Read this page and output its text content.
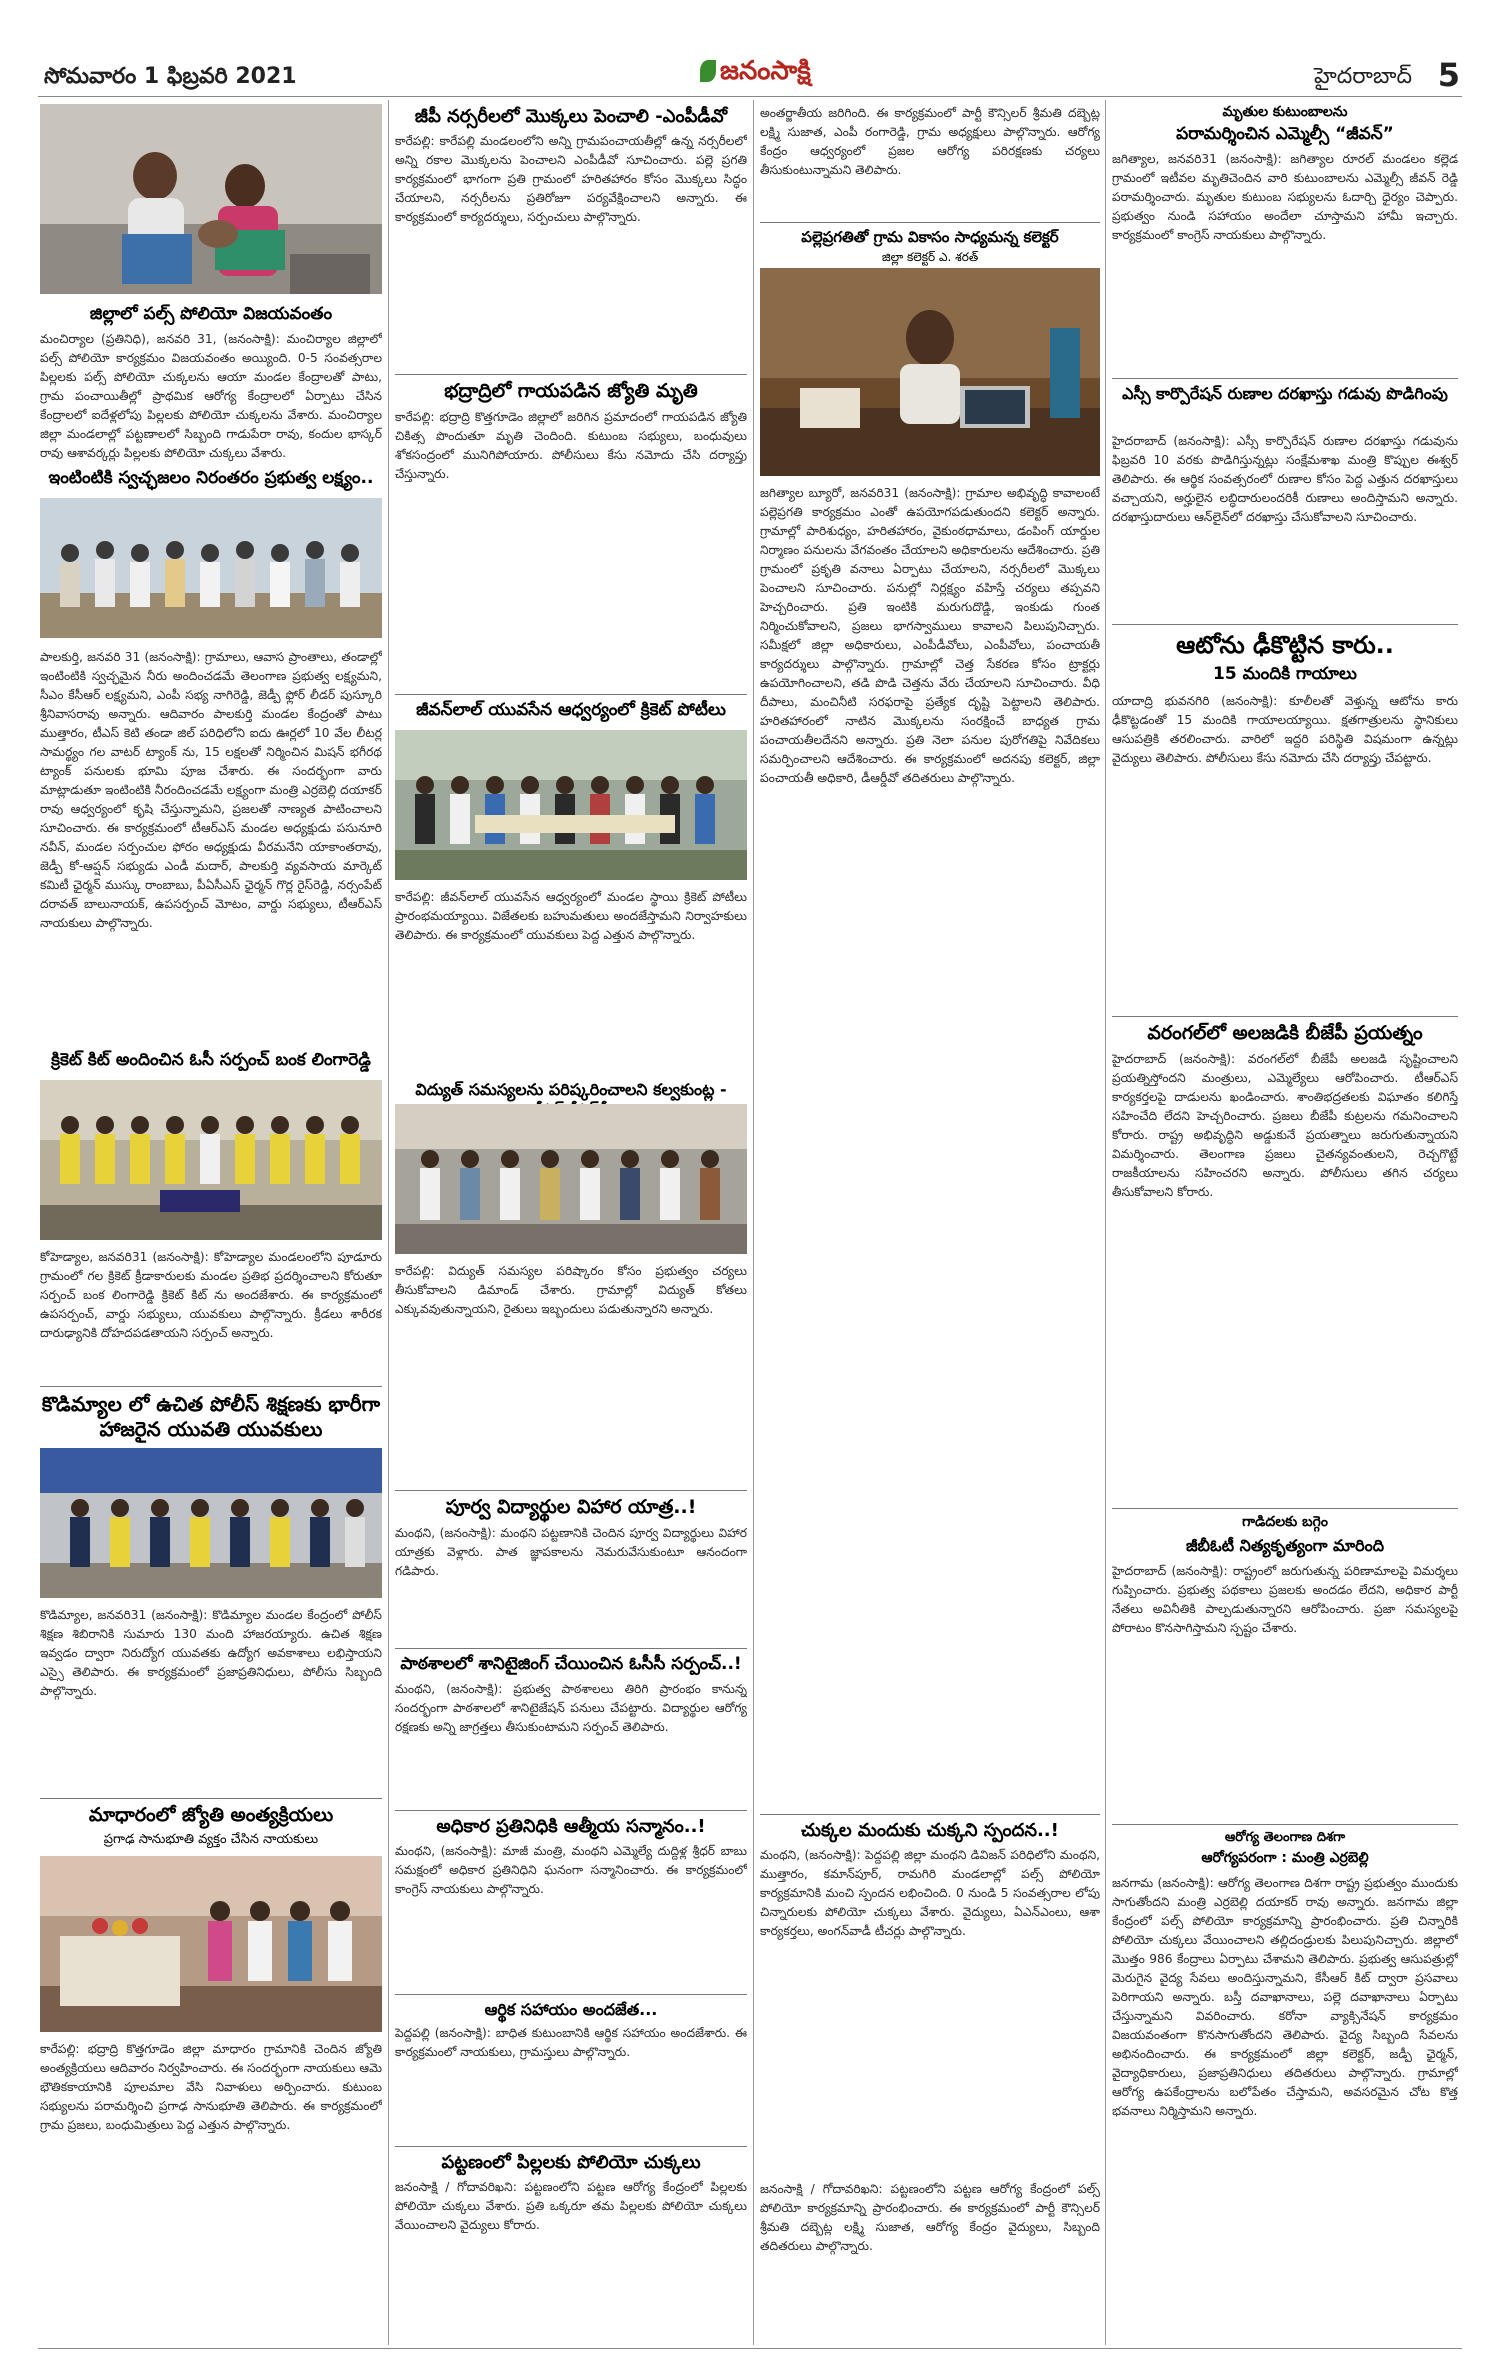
సోమవారం 1 ఫిబ్రవరి 2021	జనంసాక్షి	హైదరాబాద్ 5
జిల్లాలో పల్స్ పోలియో విజయవంతం
మంచిర్యాల (ప్రతినిధి), జనవరి 31, (జనంసాక్షి): మంచిర్యాల జిల్లాలో పల్స్ పోలియో కార్యక్రమం విజయవంతం అయ్యింది. 0-5 సంవత్సరాల పిల్లలకు పల్స్ పోలియో చుక్కలను ఆయా మండల కేంద్రాలతో పాటు, గ్రామ పంచాయితీల్లో ప్రాథమిక ఆరోగ్య కేంద్రాలలో ఏర్పాటు చేసిన కేంద్రాలలో ఐదేళ్లలోపు పిల్లలకు పోలియో చుక్కలను వేశారు. మంచిర్యాల జిల్లా మండలాల్లో పట్టణాలలో సిబ్బంది గాడుపేరా రావు, కందుల భాస్కర్ రావు ఆశావర్కర్లు పిల్లలకు పోలియో చుక్కలు వేశారు.
ఇంటింటికి స్వచ్ఛజలం నిరంతరం ప్రభుత్వ లక్ష్యం..
పాలకుర్తి, జనవరి 31 (జనంసాక్షి): గ్రామాలు, ఆవాస ప్రాంతాలు, తండాల్లో ఇంటింటికి స్వచ్ఛమైన నీరు అందించడమే తెలంగాణ ప్రభుత్వ లక్ష్యమని, సీఎం కేసీఆర్ లక్ష్యమని, ఎంపీ సభ్య నాగిరెడ్డి, జెడ్పీ ఫ్లోర్ లీడర్ పుస్కూరి శ్రీనివాసరావు అన్నారు. ఆదివారం పాలకుర్తి మండల కేంద్రంతో పాటు ముత్తారం, టీఎస్ కెటి తండా జిల్ పరిధిలోని ఐదు ఊర్లలో 10 వేల లీటర్ల సామర్థ్యం గల వాటర్ ట్యాంక్ ను, 15 లక్షలతో నిర్మించిన మిషన్ భగీరథ ట్యాంక్ పనులకు భూమి పూజ చేశారు. ఈ సందర్భంగా వారు మాట్లాడుతూ ఇంటింటికి నీరందించడమే లక్ష్యంగా మంత్రి ఎర్రబెల్లి దయాకర్ రావు ఆధ్వర్యంలో కృషి చేస్తున్నామని, ప్రజలతో నాణ్యత పాటించాలని సూచించారు. ఈ కార్యక్రమంలో టీఆర్ఎస్ మండల అధ్యక్షుడు పసునూరి నవీన్, మండల సర్పంచుల ఫోరం అధ్యక్షుడు వీరమనేని యాకాంతరావు, జెడ్పీ కో-ఆప్షన్ సభ్యుడు ఎండీ మదార్, పాలకుర్తి వ్యవసాయ మార్కెట్ కమిటీ ఛైర్మన్ ముస్కు రాంబాబు, పీఏసీఎస్ ఛైర్మన్ గొర్ల రైస్‌రెడ్డి, నర్సంపేట్ దరావత్ బాలునాయక్, ఉపసర్పంచ్ మోటం, వార్డు సభ్యులు, టీఆర్ఎస్ నాయకులు పాల్గొన్నారు.
క్రికెట్ కిట్ అందించిన ఓసీ సర్పంచ్ బంక లింగారెడ్డి
కోహెడ్యాల, జనవరి31 (జనంసాక్షి): కోహెడ్యాల మండలంలోని పూడూరు గ్రామంలో గల క్రికెట్ క్రీడాకారులకు మండల ప్రతిభ ప్రదర్శించాలని కోరుతూ సర్పంచ్ బంక లింగారెడ్డి క్రికెట్ కిట్ ను అందజేశారు. ఈ కార్యక్రమంలో ఉపసర్పంచ్, వార్డు సభ్యులు, యువకులు పాల్గొన్నారు. క్రీడలు శారీరక దారుఢ్యానికి దోహదపడతాయని సర్పంచ్ అన్నారు.
కొడిమ్యాల లో ఉచిత పోలీస్ శిక్షణకు భారీగా హాజరైన యువతి యువకులు
కొడిమ్యాల, జనవరి31 (జనంసాక్షి): కొడిమ్యాల మండల కేంద్రంలో పోలీస్ శిక్షణ శిబిరానికి సుమారు 130 మంది హాజరయ్యారు. ఉచిత శిక్షణ ఇవ్వడం ద్వారా నిరుద్యోగ యువతకు ఉద్యోగ అవకాశాలు లభిస్తాయని ఎస్సై తెలిపారు. ఈ కార్యక్రమంలో ప్రజాప్రతినిధులు, పోలీసు సిబ్బంది పాల్గొన్నారు.
మాధారంలో జ్యోతి అంత్యక్రియలు
ప్రగాఢ సానుభూతి వ్యక్తం చేసిన నాయకులు
కారేపల్లి: భద్రాద్రి కొత్తగూడెం జిల్లా మాధారం గ్రామానికి చెందిన జ్యోతి అంత్యక్రియలు ఆదివారం నిర్వహించారు. ఈ సందర్భంగా నాయకులు ఆమె భౌతికకాయానికి పూలమాల వేసి నివాళులు అర్పించారు. కుటుంబ సభ్యులను పరామర్శించి ప్రగాఢ సానుభూతి తెలిపారు. ఈ కార్యక్రమంలో గ్రామ ప్రజలు, బంధుమిత్రులు పెద్ద ఎత్తున పాల్గొన్నారు.
జీపీ నర్సరీలలో మొక్కలు పెంచాలి -ఎంపీడీవో
కారేపల్లి: కారేపల్లి మండలంలోని అన్ని గ్రామపంచాయతీల్లో ఉన్న నర్సరీలలో అన్ని రకాల మొక్కలను పెంచాలని ఎంపీడీవో సూచించారు. పల్లె ప్రగతి కార్యక్రమంలో భాగంగా ప్రతి గ్రామంలో హరితహారం కోసం మొక్కలు సిద్ధం చేయాలని, నర్సరీలను ప్రతిరోజూ పర్యవేక్షించాలని అన్నారు. ఈ కార్యక్రమంలో కార్యదర్శులు, సర్పంచులు పాల్గొన్నారు.
భద్రాద్రిలో గాయపడిన జ్యోతి మృతి
కారేపల్లి: భద్రాద్రి కొత్తగూడెం జిల్లాలో జరిగిన ప్రమాదంలో గాయపడిన జ్యోతి చికిత్స పొందుతూ మృతి చెందింది. కుటుంబ సభ్యులు, బంధువులు శోకసంద్రంలో మునిగిపోయారు. పోలీసులు కేసు నమోదు చేసి దర్యాప్తు చేస్తున్నారు.
జీవన్‌లాల్ యువసేన ఆధ్వర్యంలో క్రికెట్ పోటీలు
కారేపల్లి: జీవన్‌లాల్ యువసేన ఆధ్వర్యంలో మండల స్థాయి క్రికెట్ పోటీలు ప్రారంభమయ్యాయి. విజేతలకు బహుమతులు అందజేస్తామని నిర్వాహకులు తెలిపారు. ఈ కార్యక్రమంలో యువకులు పెద్ద ఎత్తున పాల్గొన్నారు.
విద్యుత్ సమస్యలను పరిష్కరించాలని కల్వకుంట్ల -
కారేపల్లి: విద్యుత్ సమస్యల పరిష్కారం కోసం ప్రభుత్వం చర్యలు తీసుకోవాలని డిమాండ్ చేశారు. గ్రామాల్లో విద్యుత్ కోతలు ఎక్కువవుతున్నాయని, రైతులు ఇబ్బందులు పడుతున్నారని అన్నారు.
పూర్వ విద్యార్థుల విహార యాత్ర..!
మంథని, (జనంసాక్షి): మంథని పట్టణానికి చెందిన పూర్వ విద్యార్థులు విహార యాత్రకు వెళ్లారు. పాత జ్ఞాపకాలను నెమరువేసుకుంటూ ఆనందంగా గడిపారు.
పాఠశాలలో శానిటైజింగ్ చేయించిన ఓసీసీ సర్పంచ్..!
మంథని, (జనంసాక్షి): ప్రభుత్వ పాఠశాలలు తిరిగి ప్రారంభం కానున్న సందర్భంగా పాఠశాలలో శానిటైజేషన్ పనులు చేపట్టారు. విద్యార్థుల ఆరోగ్య రక్షణకు అన్ని జాగ్రత్తలు తీసుకుంటామని సర్పంచ్ తెలిపారు.
అధికార ప్రతినిధికి ఆత్మీయ సన్మానం..!
మంథని, (జనంసాక్షి): మాజీ మంత్రి, మంథని ఎమ్మెల్యే దుద్దిళ్ల శ్రీధర్ బాబు సమక్షంలో అధికార ప్రతినిధిని ఘనంగా సన్మానించారు. ఈ కార్యక్రమంలో కాంగ్రెస్ నాయకులు పాల్గొన్నారు.
ఆర్థిక సహాయం అందజేత...
పెద్దపల్లి (జనంసాక్షి): బాధిత కుటుంబానికి ఆర్థిక సహాయం అందజేశారు. ఈ కార్యక్రమంలో నాయకులు, గ్రామస్తులు పాల్గొన్నారు.
పట్టణంలో పిల్లలకు పోలియో చుక్కలు
జనంసాక్షి / గోదావరిఖని: పట్టణంలోని పట్టణ ఆరోగ్య కేంద్రంలో పిల్లలకు పోలియో చుక్కలు వేశారు. ప్రతి ఒక్కరూ తమ పిల్లలకు పోలియో చుక్కలు వేయించాలని వైద్యులు కోరారు.
అంతర్జాతీయ జరిగింది. ఈ కార్యక్రమంలో పార్టీ కౌన్సిలర్ శ్రీమతి దబ్బెట్ల లక్ష్మి సుజాత, ఎంపీ రంగారెడ్డి, గ్రామ అధ్యక్షులు పాల్గొన్నారు. ఆరోగ్య కేంద్రం ఆధ్వర్యంలో ప్రజల ఆరోగ్య పరిరక్షణకు చర్యలు తీసుకుంటున్నామని తెలిపారు.
పల్లెప్రగతితో గ్రామ వికాసం సాధ్యమన్న కలెక్టర్
జిల్లా కలెక్టర్ ఎ. శరత్
జగిత్యాల బ్యూరో, జనవరి31 (జనంసాక్షి): గ్రామాల అభివృద్ధి కావాలంటే పల్లెప్రగతి కార్యక్రమం ఎంతో ఉపయోగపడుతుందని కలెక్టర్ అన్నారు. గ్రామాల్లో పారిశుధ్యం, హరితహారం, వైకుంఠధామాలు, డంపింగ్ యార్డుల నిర్మాణం పనులను వేగవంతం చేయాలని అధికారులను ఆదేశించారు. ప్రతి గ్రామంలో ప్రకృతి వనాలు ఏర్పాటు చేయాలని, నర్సరీలలో మొక్కలు పెంచాలని సూచించారు. పనుల్లో నిర్లక్ష్యం వహిస్తే చర్యలు తప్పవని హెచ్చరించారు. ప్రతి ఇంటికి మరుగుదొడ్డి, ఇంకుడు గుంత నిర్మించుకోవాలని, ప్రజలు భాగస్వాములు కావాలని పిలుపునిచ్చారు. సమీక్షలో జిల్లా అధికారులు, ఎంపీడీవోలు, ఎంపీవోలు, పంచాయతీ కార్యదర్శులు పాల్గొన్నారు. గ్రామాల్లో చెత్త సేకరణ కోసం ట్రాక్టర్లు ఉపయోగించాలని, తడి పొడి చెత్తను వేరు చేయాలని సూచించారు. వీధి దీపాలు, మంచినీటి సరఫరాపై ప్రత్యేక దృష్టి పెట్టాలని తెలిపారు. హరితహారంలో నాటిన మొక్కలను సంరక్షించే బాధ్యత గ్రామ పంచాయతీలదేనని అన్నారు. ప్రతి నెలా పనుల పురోగతిపై నివేదికలు సమర్పించాలని ఆదేశించారు. ఈ కార్యక్రమంలో అదనపు కలెక్టర్, జిల్లా పంచాయతీ అధికారి, డీఆర్డీవో తదితరులు పాల్గొన్నారు.
చుక్కల మందుకు చుక్కని స్పందన..!
మంథని, (జనంసాక్షి): పెద్దపల్లి జిల్లా మంథని డివిజన్ పరిధిలోని మంథని, ముత్తారం, కమాన్‌పూర్, రామగిరి మండలాల్లో పల్స్ పోలియో కార్యక్రమానికి మంచి స్పందన లభించింది. 0 నుండి 5 సంవత్సరాల లోపు చిన్నారులకు పోలియో చుక్కలు వేశారు. వైద్యులు, ఏఎన్ఎంలు, ఆశా కార్యకర్తలు, అంగన్‌వాడీ టీచర్లు పాల్గొన్నారు.
జనంసాక్షి / గోదావరిఖని: పట్టణంలోని పట్టణ ఆరోగ్య కేంద్రంలో పల్స్ పోలియో కార్యక్రమాన్ని ప్రారంభించారు. ఈ కార్యక్రమంలో పార్టీ కౌన్సిలర్ శ్రీమతి దబ్బెట్ల లక్ష్మి సుజాత, ఆరోగ్య కేంద్రం వైద్యులు, సిబ్బంది తదితరులు పాల్గొన్నారు.
మృతుల కుటుంబాలను
పరామర్శించిన ఎమ్మెల్సీ “జీవన్”
జగిత్యాల, జనవరి31 (జనంసాక్షి): జగిత్యాల రూరల్ మండలం కల్లెడ గ్రామంలో ఇటీవల మృతిచెందిన వారి కుటుంబాలను ఎమ్మెల్సీ జీవన్ రెడ్డి పరామర్శించారు. మృతుల కుటుంబ సభ్యులను ఓదార్చి ధైర్యం చెప్పారు. ప్రభుత్వం నుండి సహాయం అందేలా చూస్తామని హామీ ఇచ్చారు. కార్యక్రమంలో కాంగ్రెస్ నాయకులు పాల్గొన్నారు.
ఎస్సీ కార్పొరేషన్ రుణాల దరఖాస్తు గడువు పొడిగింపు
హైదరాబాద్ (జనంసాక్షి): ఎస్సీ కార్పొరేషన్ రుణాల దరఖాస్తు గడువును ఫిబ్రవరి 10 వరకు పొడిగిస్తున్నట్లు సంక్షేమశాఖ మంత్రి కొప్పుల ఈశ్వర్ తెలిపారు. ఈ ఆర్థిక సంవత్సరంలో రుణాల కోసం పెద్ద ఎత్తున దరఖాస్తులు వచ్చాయని, అర్హులైన లబ్ధిదారులందరికీ రుణాలు అందిస్తామని అన్నారు. దరఖాస్తుదారులు ఆన్‌లైన్‌లో దరఖాస్తు చేసుకోవాలని సూచించారు.
ఆటోను ఢీకొట్టిన కారు..
15 మందికి గాయాలు
యాదాద్రి భువనగిరి (జనంసాక్షి): కూలీలతో వెళ్తున్న ఆటోను కారు ఢీకొట్టడంతో 15 మందికి గాయాలయ్యాయి. క్షతగాత్రులను స్థానికులు ఆసుపత్రికి తరలించారు. వారిలో ఇద్దరి పరిస్థితి విషమంగా ఉన్నట్లు వైద్యులు తెలిపారు. పోలీసులు కేసు నమోదు చేసి దర్యాప్తు చేపట్టారు.
వరంగల్‌లో అలజడికి బీజేపీ ప్రయత్నం
హైదరాబాద్ (జనంసాక్షి): వరంగల్‌లో బీజేపీ అలజడి సృష్టించాలని ప్రయత్నిస్తోందని మంత్రులు, ఎమ్మెల్యేలు ఆరోపించారు. టీఆర్ఎస్ కార్యకర్తలపై దాడులను ఖండించారు. శాంతిభద్రతలకు విఘాతం కలిగిస్తే సహించేది లేదని హెచ్చరించారు. ప్రజలు బీజేపీ కుట్రలను గమనించాలని కోరారు. రాష్ట్ర అభివృద్ధిని అడ్డుకునే ప్రయత్నాలు జరుగుతున్నాయని విమర్శించారు. తెలంగాణ ప్రజలు చైతన్యవంతులని, రెచ్చగొట్టే రాజకీయాలను సహించరని అన్నారు. పోలీసులు తగిన చర్యలు తీసుకోవాలని కోరారు.
గాడిదలకు బగ్గెం
జీబీఓటీ నిత్యకృత్యంగా మారింది
హైదరాబాద్ (జనంసాక్షి): రాష్ట్రంలో జరుగుతున్న పరిణామాలపై విమర్శలు గుప్పించారు. ప్రభుత్వ పథకాలు ప్రజలకు అందడం లేదని, అధికార పార్టీ నేతలు అవినీతికి పాల్పడుతున్నారని ఆరోపించారు. ప్రజా సమస్యలపై పోరాటం కొనసాగిస్తామని స్పష్టం చేశారు.
ఆరోగ్య తెలంగాణ దిశగా
ఆరోగ్యపరంగా : మంత్రి ఎర్రబెల్లి
జనగామ (జనంసాక్షి): ఆరోగ్య తెలంగాణ దిశగా రాష్ట్ర ప్రభుత్వం ముందుకు సాగుతోందని మంత్రి ఎర్రబెల్లి దయాకర్ రావు అన్నారు. జనగామ జిల్లా కేంద్రంలో పల్స్ పోలియో కార్యక్రమాన్ని ప్రారంభించారు. ప్రతి చిన్నారికి పోలియో చుక్కలు వేయించాలని తల్లిదండ్రులకు పిలుపునిచ్చారు. జిల్లాలో మొత్తం 986 కేంద్రాలు ఏర్పాటు చేశామని తెలిపారు. ప్రభుత్వ ఆసుపత్రుల్లో మెరుగైన వైద్య సేవలు అందిస్తున్నామని, కేసీఆర్ కిట్ ద్వారా ప్రసవాలు పెరిగాయని అన్నారు. బస్తీ దవాఖానాలు, పల్లె దవాఖానాలు ఏర్పాటు చేస్తున్నామని వివరించారు. కరోనా వ్యాక్సినేషన్ కార్యక్రమం విజయవంతంగా కొనసాగుతోందని తెలిపారు. వైద్య సిబ్బంది సేవలను అభినందించారు. ఈ కార్యక్రమంలో జిల్లా కలెక్టర్, జడ్పీ ఛైర్మన్, వైద్యాధికారులు, ప్రజాప్రతినిధులు తదితరులు పాల్గొన్నారు. గ్రామాల్లో ఆరోగ్య ఉపకేంద్రాలను బలోపేతం చేస్తామని, అవసరమైన చోట కొత్త భవనాలు నిర్మిస్తామని అన్నారు.
